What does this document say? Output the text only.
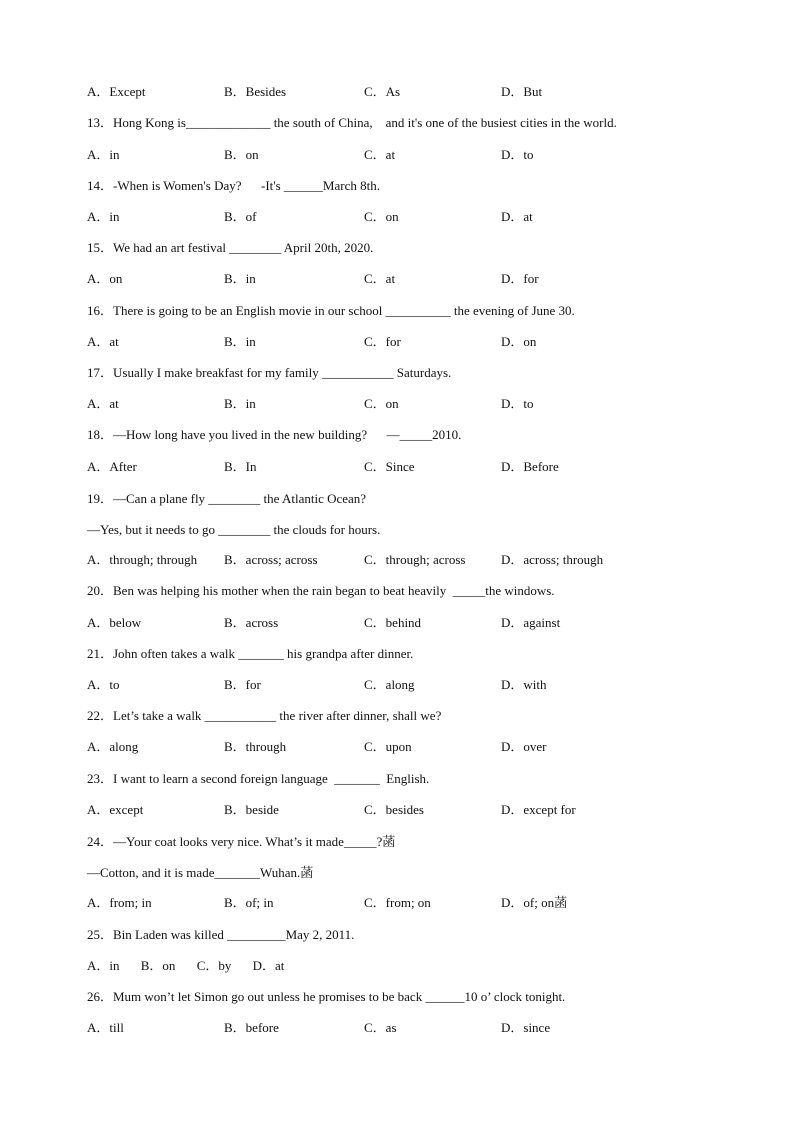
A．Except	B．Besides	C．As	D．But
13．Hong Kong is_____________ the south of China,    and it's one of the busiest cities in the world.
A．in	B．on	C．at	D．to
14．-When is Women's Day?      -It's ______March 8th.
A．in	B．of	C．on	D．at
15．We had an art festival ________ April 20th, 2020.
A．on	B．in	C．at	D．for
16．There is going to be an English movie in our school __________ the evening of June 30.
A．at	B．in	C．for	D．on
17．Usually I make breakfast for my family ___________ Saturdays.
A．at	B．in	C．on	D．to
18．—How long have you lived in the new building?      —_____2010.
A．After	B．In	C．Since	D．Before
19．—Can a plane fly ________ the Atlantic Ocean?
—Yes, but it needs to go ________ the clouds for hours.
A．through; through B．across; across	C．through; across	D．across; through
20．Ben was helping his mother when the rain began to beat heavily  _____the windows.
A．below	B．across	C．behind	D．against
21．John often takes a walk _______ his grandpa after dinner.
A．to	B．for	C．along	D．with
22．Let’s take a walk ___________ the river after dinner, shall we?
A．along	B．through	C．upon	D．over
23．I want to learn a second foreign language  _______  English.
A．except	B．beside	C．besides	D．except for
24．—Your coat looks very nice. What’s it made_____?菡
—Cotton, and it is made_______Wuhan.菡
A．from; in	B．of; in	C．from; on	D．of; on菡
25．Bin Laden was killed _________May 2, 2011.
A．in B．on C．by D．at
26．Mum won’t let Simon go out unless he promises to be back ______10 o’ clock tonight.
A．till	B．before	C．as	D．since
